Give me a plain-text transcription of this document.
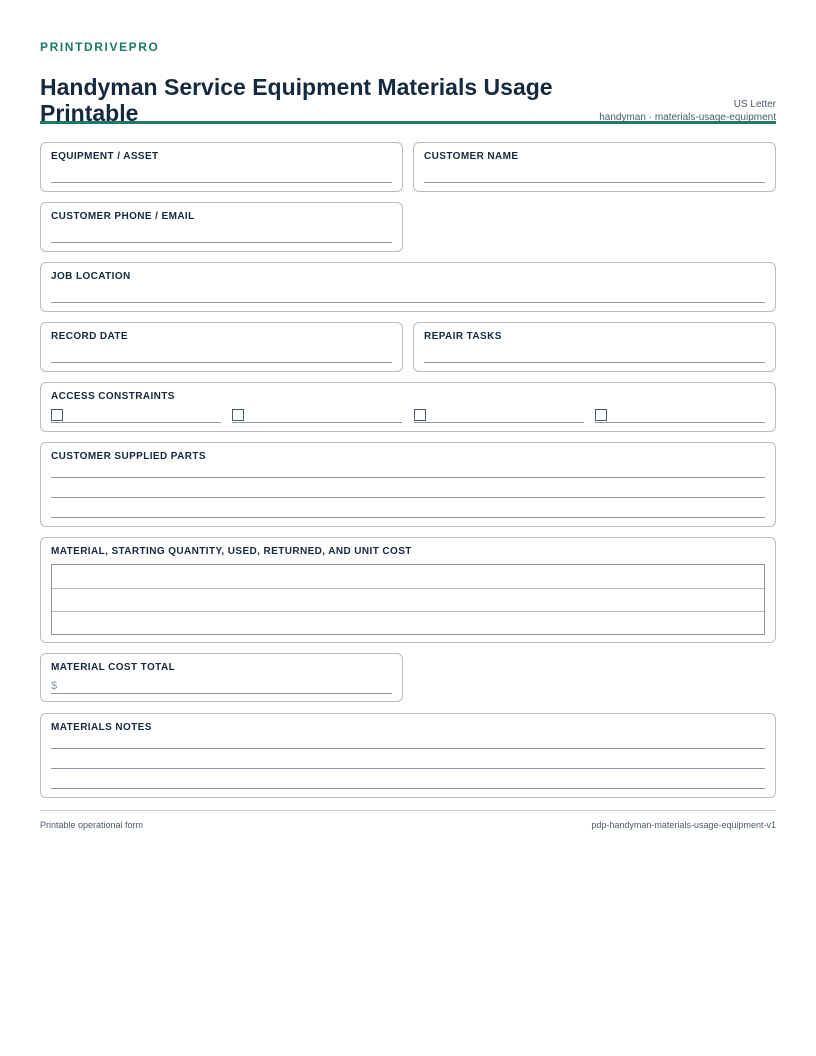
PRINTDRIVEPRO
Handyman Service Equipment Materials Usage Printable	US Letter
handyman · materials-usage-equipment
EQUIPMENT / ASSET	CUSTOMER NAME
CUSTOMER PHONE / EMAIL
JOB LOCATION
RECORD DATE	REPAIR TASKS
ACCESS CONSTRAINTS
CUSTOMER SUPPLIED PARTS
MATERIAL, STARTING QUANTITY, USED, RETURNED, AND UNIT COST
MATERIAL COST TOTAL
$
MATERIALS NOTES
Printable operational form	pdp-handyman-materials-usage-equipment-v1
